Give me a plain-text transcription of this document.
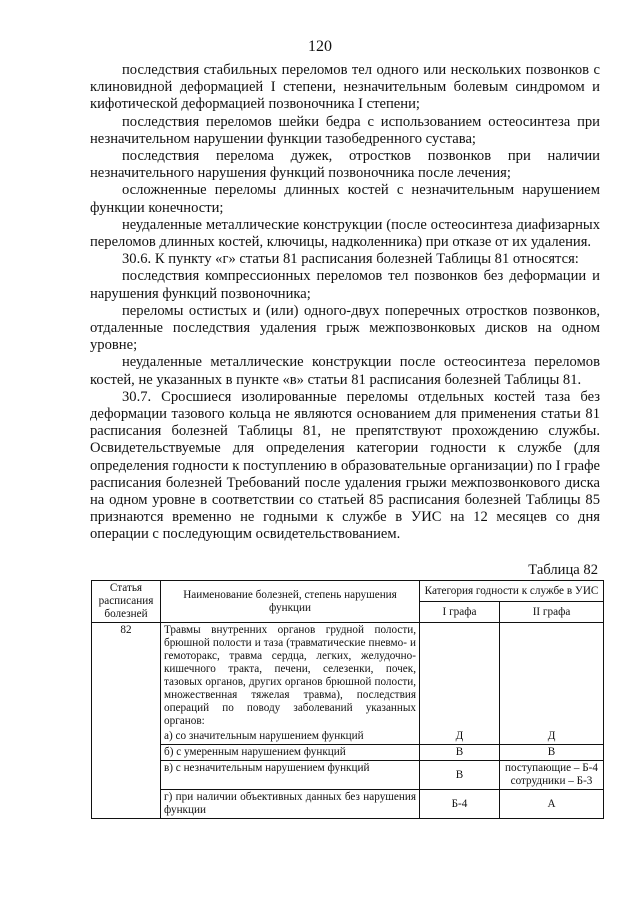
120

последствия стабильных переломов тел одного или нескольких позвонков с клиновидной деформацией I степени, незначительным болевым синдромом и кифотической деформацией позвоночника I степени;

последствия переломов шейки бедра с использованием остеосинтеза при незначительном нарушении функции тазобедренного сустава;

последствия перелома дужек, отростков позвонков при наличии незначительного нарушения функций позвоночника после лечения;

осложненные переломы длинных костей с незначительным нарушением функции конечности;

неудаленные металлические конструкции (после остеосинтеза диафизарных переломов длинных костей, ключицы, надколенника) при отказе от их удаления.

30.6. К пункту «г» статьи 81 расписания болезней Таблицы 81 относятся:

последствия компрессионных переломов тел позвонков без деформации и нарушения функций позвоночника;

переломы остистых и (или) одного-двух поперечных отростков позвонков, отдаленные последствия удаления грыж межпозвонковых дисков на одном уровне;

неудаленные металлические конструкции после остеосинтеза переломов костей, не указанных в пункте «в» статьи 81 расписания болезней Таблицы 81.

30.7. Сросшиеся изолированные переломы отдельных костей таза без деформации тазового кольца не являются основанием для применения статьи 81 расписания болезней Таблицы 81, не препятствуют прохождению службы. Освидетельствуемые для определения категории годности к службе (для определения годности к поступлению в образовательные организации) по I графе расписания болезней Требований после удаления грыжи межпозвонкового диска на одном уровне в соответствии со статьей 85 расписания болезней Таблицы 85 признаются временно не годными к службе в УИС на 12 месяцев со дня операции с последующим освидетельствованием.

Таблица 82
Статья расписания болезней	Наименование болезней, степень нарушения функции	Категория годности к службе в УИС	
		I графа	II графа
82	Травмы внутренних органов грудной полости, брюшной полости и таза (травматические пневмо- и гемоторакс, травма сердца, легких, желудочно-кишечного тракта, печени, селезенки, почек, тазовых органов, других органов брюшной полости, множественная тяжелая травма), последствия операций по поводу заболеваний указанных органов:
а) со значительным нарушением функций	Д	Д
	б) с умеренным нарушением функций	В	В
	в) с незначительным нарушением функций	В	поступающие – Б-4 сотрудники – Б-3
	г) при наличии объективных данных без нарушения функции	Б-4	А
